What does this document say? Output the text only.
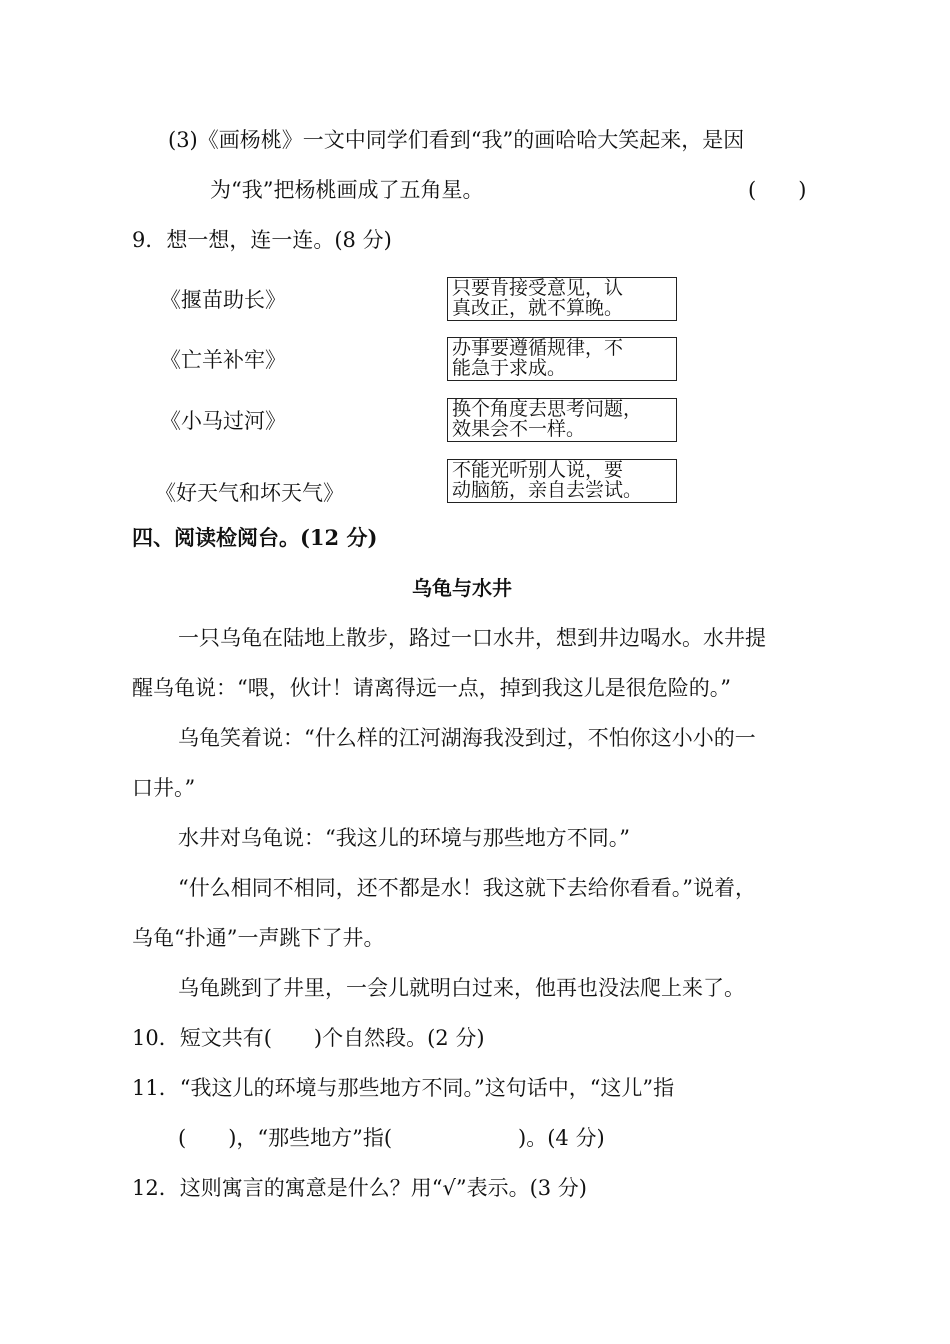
(3)《画杨桃》一文中同学们看到“我”的画哈哈大笑起来，是因
为“我”把杨桃画成了五角星。	(　　)
9．想一想，连一连。(8 分)
《揠苗助长》
《亡羊补牢》
《小马过河》
《好天气和坏天气》
只要肯接受意见，认
真改正，就不算晚。
办事要遵循规律，不
能急于求成。
换个角度去思考问题，
效果会不一样。
不能光听别人说，要
动脑筋，亲自去尝试。
四、阅读检阅台。(12 分)
乌龟与水井
一只乌龟在陆地上散步，路过一口水井，想到井边喝水。水井提
醒乌龟说：“喂，伙计！请离得远一点，掉到我这儿是很危险的。”
乌龟笑着说：“什么样的江河湖海我没到过，不怕你这小小的一
口井。”
水井对乌龟说：“我这儿的环境与那些地方不同。”
“什么相同不相同，还不都是水！我这就下去给你看看。”说着，
乌龟“扑通”一声跳下了井。
乌龟跳到了井里，一会儿就明白过来，他再也没法爬上来了。
10．短文共有(　　)个自然段。(2 分)
11．“我这儿的环境与那些地方不同。”这句话中，“这儿”指
(　　)，“那些地方”指(　　　　　　)。(4 分)
12．这则寓言的寓意是什么？用“√”表示。(3 分)
